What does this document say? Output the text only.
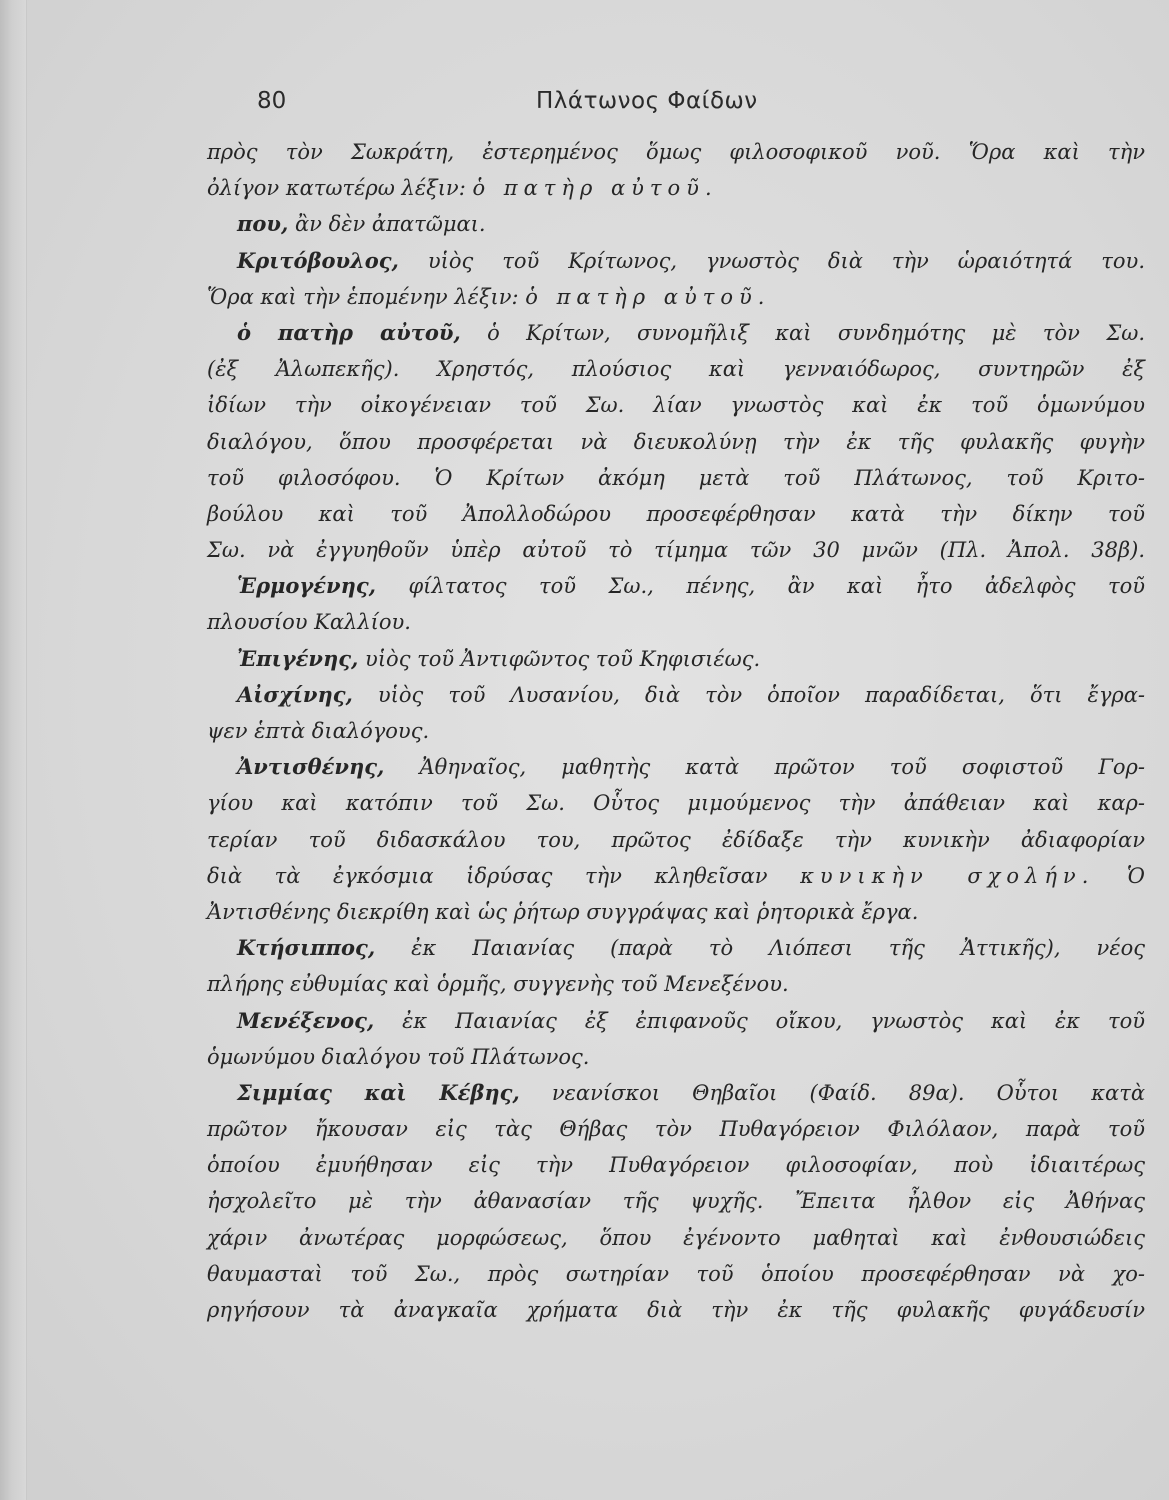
80	Πλάτωνος Φαίδων
πρὸς τὸν Σωκράτη, ἐστερημένος ὅμως φιλοσοφικοῦ νοῦ. Ὅρα καὶ τὴν
ὀλίγον κατωτέρω λέξιν: ὁ πατὴρ αὐτοῦ.
που, ἂν δὲν ἀπατῶμαι.
Κριτόβουλος, υἱὸς τοῦ Κρίτωνος, γνωστὸς διὰ τὴν ὡραιότητά του.
Ὅρα καὶ τὴν ἑπομένην λέξιν: ὁ πατὴρ αὐτοῦ.
ὁ πατὴρ αὐτοῦ, ὁ Κρίτων, συνομῆλιξ καὶ συνδημότης μὲ τὸν Σω.
(ἐξ Ἀλωπεκῆς). Χρηστός, πλούσιος καὶ γενναιόδωρος, συντηρῶν ἐξ
ἰδίων τὴν οἰκογένειαν τοῦ Σω. λίαν γνωστὸς καὶ ἐκ τοῦ ὁμωνύμου
διαλόγου, ὅπου προσφέρεται νὰ διευκολύνῃ τὴν ἐκ τῆς φυλακῆς φυγὴν
τοῦ φιλοσόφου. Ὁ Κρίτων ἀκόμη μετὰ τοῦ Πλάτωνος, τοῦ Κριτο-
βούλου καὶ τοῦ Ἀπολλοδώρου προσεφέρθησαν κατὰ τὴν δίκην τοῦ
Σω. νὰ ἐγγυηθοῦν ὑπὲρ αὐτοῦ τὸ τίμημα τῶν 30 μνῶν (Πλ. Ἀπολ. 38β).
Ἑρμογένης, φίλτατος τοῦ Σω., πένης, ἂν καὶ ἦτο ἀδελφὸς τοῦ
πλουσίου Καλλίου.
Ἐπιγένης, υἱὸς τοῦ Ἀντιφῶντος τοῦ Κηφισιέως.
Αἰσχίνης, υἱὸς τοῦ Λυσανίου, διὰ τὸν ὁποῖον παραδίδεται, ὅτι ἔγρα-
ψεν ἑπτὰ διαλόγους.
Ἀντισθένης, Ἀθηναῖος, μαθητὴς κατὰ πρῶτον τοῦ σοφιστοῦ Γορ-
γίου καὶ κατόπιν τοῦ Σω. Οὗτος μιμούμενος τὴν ἀπάθειαν καὶ καρ-
τερίαν τοῦ διδασκάλου του, πρῶτος ἐδίδαξε τὴν κυνικὴν ἀδιαφορίαν
διὰ τὰ ἐγκόσμια ἱδρύσας τὴν κληθεῖσαν κυνικὴν σχολήν. Ὁ
Ἀντισθένης διεκρίθη καὶ ὡς ῥήτωρ συγγράψας καὶ ῥητορικὰ ἔργα.
Κτήσιππος, ἐκ Παιανίας (παρὰ τὸ Λιόπεσι τῆς Ἀττικῆς), νέος
πλήρης εὐθυμίας καὶ ὁρμῆς, συγγενὴς τοῦ Μενεξένου.
Μενέξενος, ἐκ Παιανίας ἐξ ἐπιφανοῦς οἴκου, γνωστὸς καὶ ἐκ τοῦ
ὁμωνύμου διαλόγου τοῦ Πλάτωνος.
Σιμμίας καὶ Κέβης, νεανίσκοι Θηβαῖοι (Φαίδ. 89α). Οὗτοι κατὰ
πρῶτον ἤκουσαν εἰς τὰς Θήβας τὸν Πυθαγόρειον Φιλόλαον, παρὰ τοῦ
ὁποίου ἐμυήθησαν εἰς τὴν Πυθαγόρειον φιλοσοφίαν, ποὺ ἰδιαιτέρως
ἠσχολεῖτο μὲ τὴν ἀθανασίαν τῆς ψυχῆς. Ἔπειτα ἦλθον εἰς Ἀθήνας
χάριν ἀνωτέρας μορφώσεως, ὅπου ἐγένοντο μαθηταὶ καὶ ἐνθουσιώδεις
θαυμασταὶ τοῦ Σω., πρὸς σωτηρίαν τοῦ ὁποίου προσεφέρθησαν νὰ χο-
ρηγήσουν τὰ ἀναγκαῖα χρήματα διὰ τὴν ἐκ τῆς φυλακῆς φυγάδευσίν
